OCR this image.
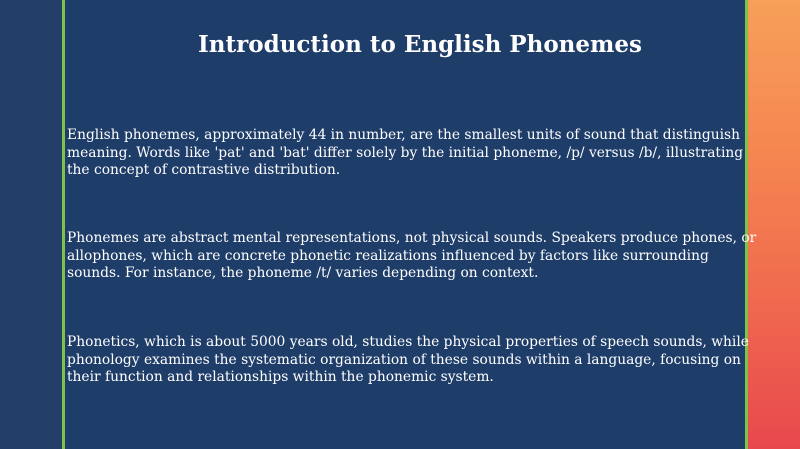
Introduction to English Phonemes

English phonemes, approximately 44 in number, are the smallest units of sound that distinguish meaning. Words like 'pat' and 'bat' differ solely by the initial phoneme, /p/ versus /b/, illustrating the concept of contrastive distribution.

Phonemes are abstract mental representations, not physical sounds. Speakers produce phones, or allophones, which are concrete phonetic realizations influenced by factors like surrounding sounds. For instance, the phoneme /t/ varies depending on context.

Phonetics, which is about 5000 years old, studies the physical properties of speech sounds, while phonology examines the systematic organization of these sounds within a language, focusing on their function and relationships within the phonemic system.
